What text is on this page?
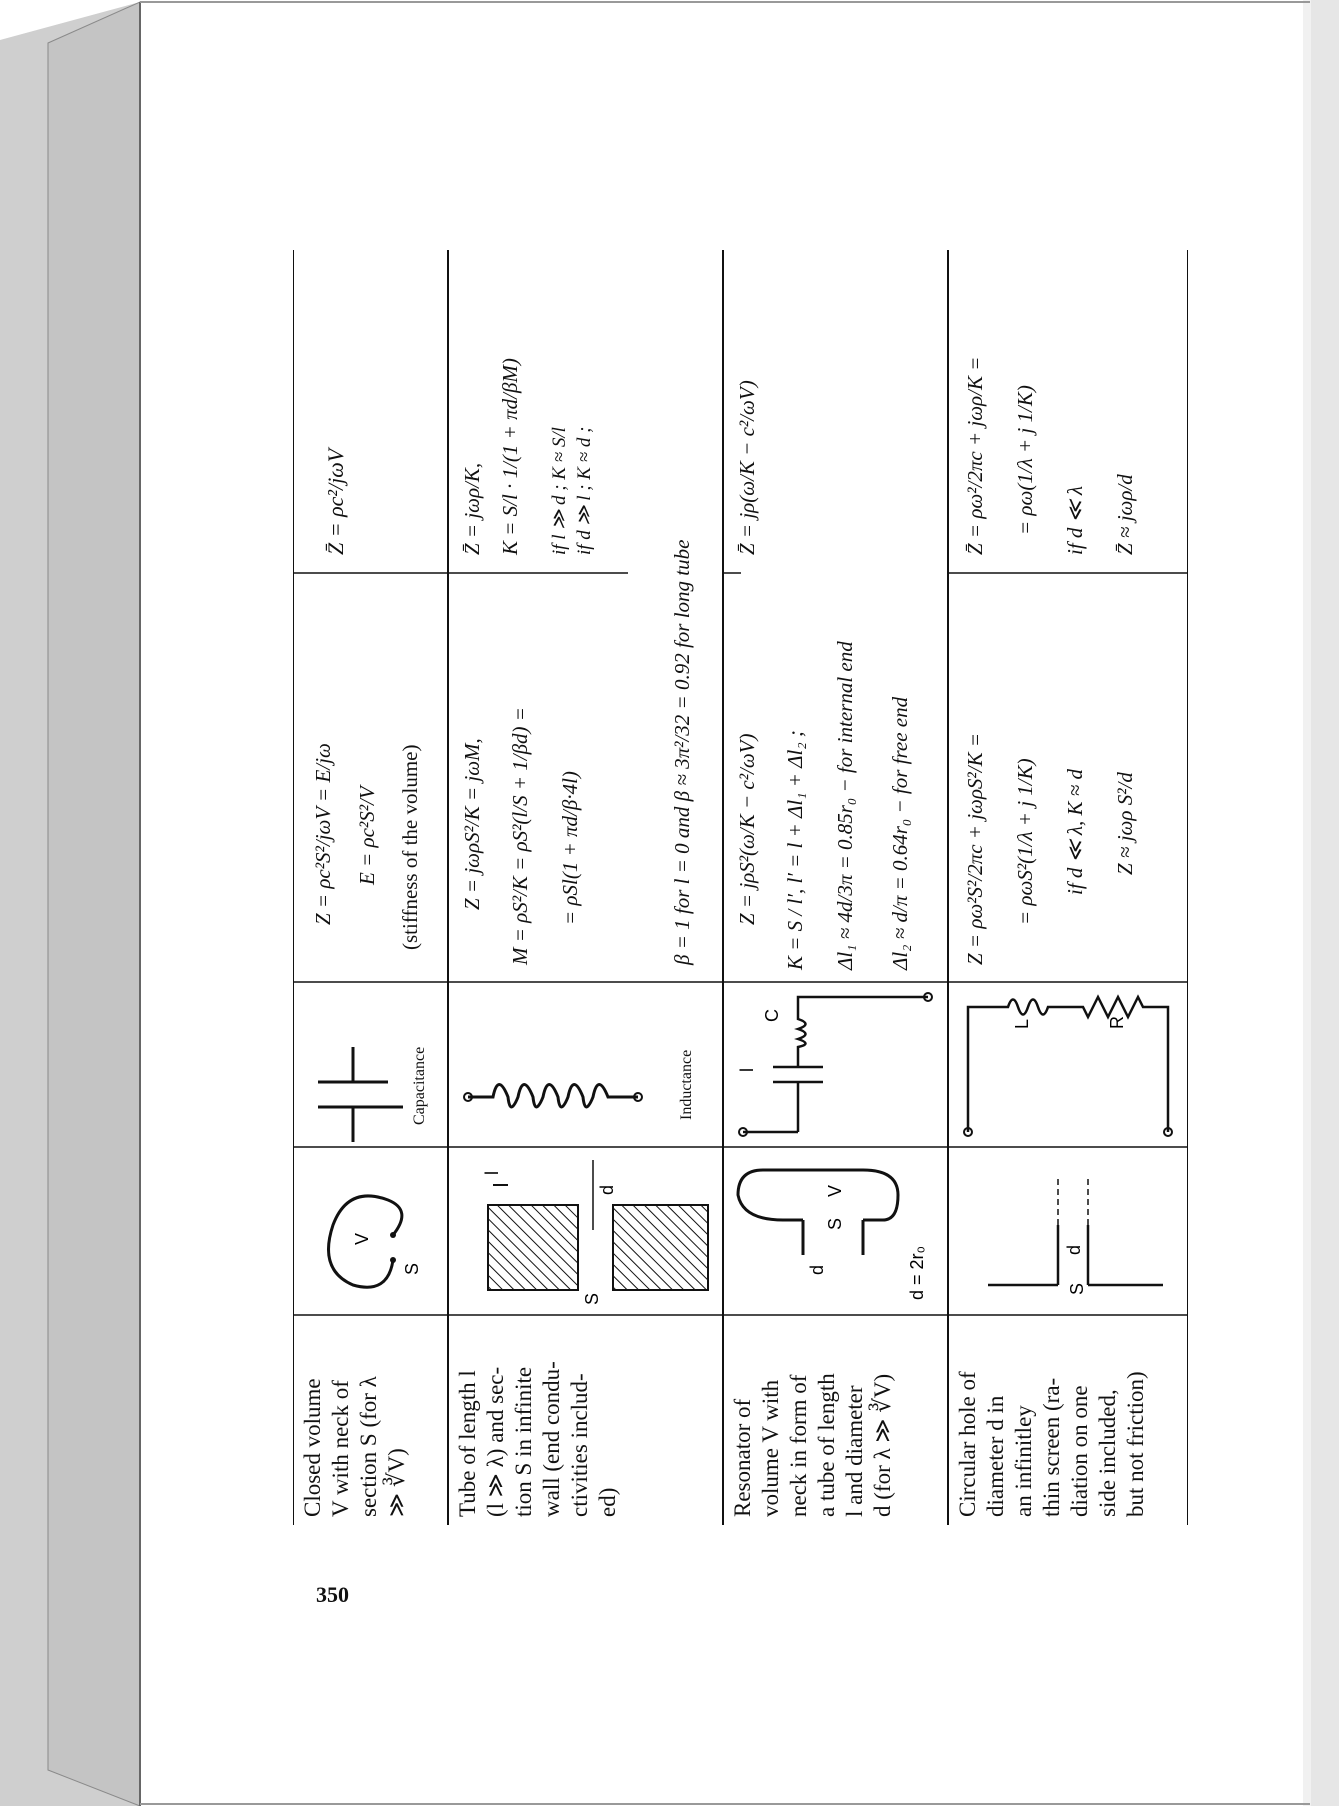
350
Closed volume V with neck of section S (for λ ≫ ∛V)
S
V
Capacitance
Z = ρc²S²/jωV = E/jω E = ρc²S²/V (stiffness of the volume)
Z̄ = ρc²/jωV
Tube of length l (l ≫ λ) and sec- tion S in infinite wall (end condu- ctivities includ- ed)
l
d
S
Inductance
Z = jωρS²/K = jωM, M = ρS²/K = ρS²(l/S + 1/βd) = = ρSl(1 + πd/β·4l)
Z̄ = jωρ/K, K = S/l · 1/(1 + πd/βM) if l ≫ d ; K ≈ S/l if d ≫ l ; K ≈ d ;
β = 1 for l = 0 and β ≈ 3π²/32 = 0.92 for long tube
Resonator of volume V with neck in form of a tube of length l and diameter d (for λ ≫ ∛V)
d
S
V
d = 2r₀
l
C
Z = jρS²(ω/K − c²/ωV) K = S / l′, l′ = l + Δl₁ + Δl₂ ; Δl₁ ≈ 4d/3π = 0.85r₀ − for internal end Δl₂ ≈ d/π = 0.64r₀ − for free end
Z̄ = jρ(ω/K − c²/ωV)
Circular hole of diameter d in an infinitley thin screen (ra- diation on one side included, but not friction)
S
d
L	R
Z = ρω²S²/2πc + jωρS²/K = = ρωS²(1/λ + j 1/K) if d ≪ λ, K ≈ d Z ≈ jωρ S²/d
Z̄ = ρω²/2πc + jωρ/K = = ρω(1/λ + j 1/K) if d ≪ λ Z̄ ≈ jωρ/d
